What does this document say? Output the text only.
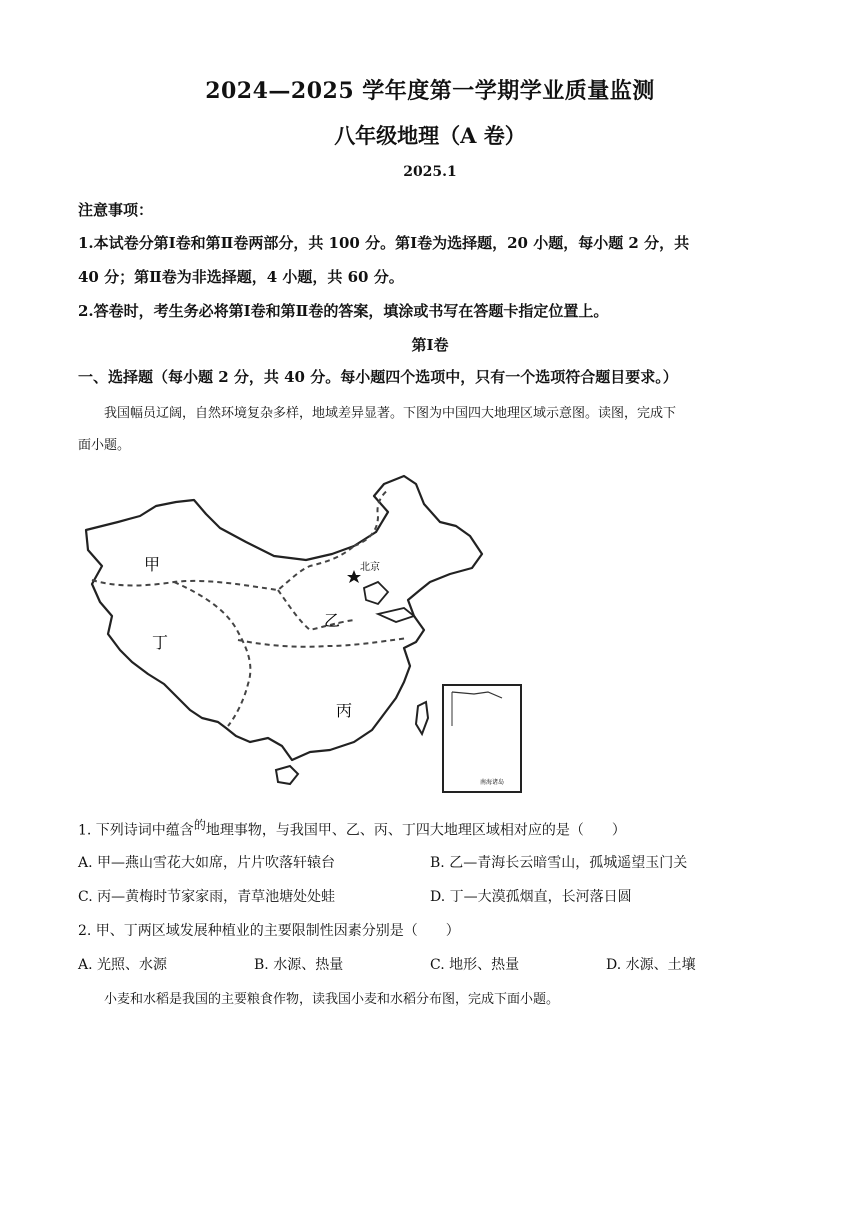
2024—2025 学年度第一学期学业质量监测
八年级地理（A 卷）
2025.1
注意事项：
1.本试卷分第Ⅰ卷和第Ⅱ卷两部分，共 100 分。第Ⅰ卷为选择题，20 小题，每小题 2 分，共
40 分；第Ⅱ卷为非选择题，4 小题，共 60 分。
2.答卷时，考生务必将第Ⅰ卷和第Ⅱ卷的答案，填涂或书写在答题卡指定位置上。
第Ⅰ卷
一、选择题（每小题 2 分，共 40 分。每小题四个选项中，只有一个选项符合题目要求。）
我国幅员辽阔，自然环境复杂多样，地域差异显著。下图为中国四大地理区域示意图。读图，完成下
面小题。
北京
甲
乙
丙
丁
南海诸岛
1. 下列诗词中蕴含$^的$地理事物，与我国甲、乙、丙、丁四大地理区域相对应的是（　　）
A. 甲—燕山雪花大如席，片片吹落轩辕台	B. 乙—青海长云暗雪山，孤城遥望玉门关
C. 丙—黄梅时节家家雨，青草池塘处处蛙	D. 丁—大漠孤烟直，长河落日圆
2. 甲、丁两区域发展种植业的主要限制性因素分别是（　　）
A. 光照、水源	B. 水源、热量	C. 地形、热量	D. 水源、土壤
小麦和水稻是我国的主要粮食作物，读我国小麦和水稻分布图，完成下面小题。
